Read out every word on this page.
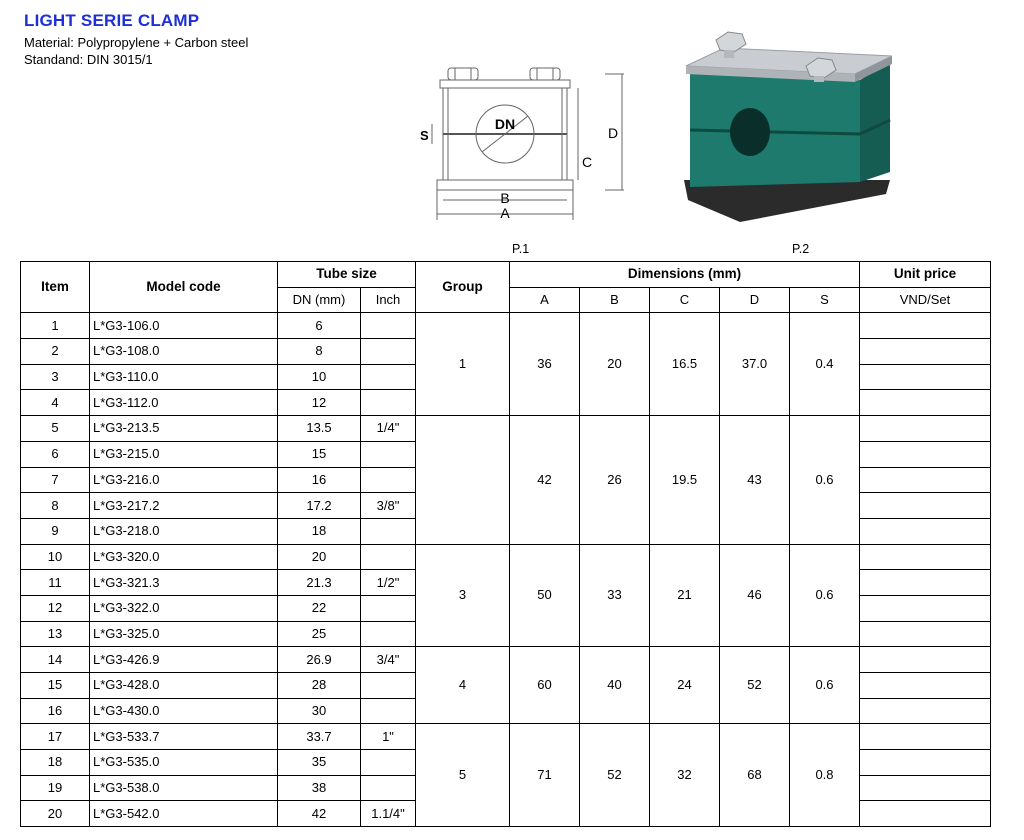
LIGHT SERIE CLAMP
Material: Polypropylene + Carbon steel
Standand: DIN 3015/1
DN
S
C
D
B
A
P.1	P.2
Item	Model code	Tube size		Group	Dimensions (mm)					Unit price
		DN (mm)	Inch		A	B	C	D	S	VND/Set
1	L*G3-106.0	6		1	36	20	16.5	37.0	0.4	
2	L*G3-108.0	8								
3	L*G3-110.0	10								
4	L*G3-112.0	12								
5	L*G3-213.5	13.5	1/4"		42	26	19.5	43	0.6	
6	L*G3-215.0	15								
7	L*G3-216.0	16								
8	L*G3-217.2	17.2	3/8"							
9	L*G3-218.0	18								
10	L*G3-320.0	20		3	50	33	21	46	0.6	
11	L*G3-321.3	21.3	1/2"							
12	L*G3-322.0	22								
13	L*G3-325.0	25								
14	L*G3-426.9	26.9	3/4"	4	60	40	24	52	0.6	
15	L*G3-428.0	28								
16	L*G3-430.0	30								
17	L*G3-533.7	33.7	1"	5	71	52	32	68	0.8	
18	L*G3-535.0	35								
19	L*G3-538.0	38								
20	L*G3-542.0	42	1.1/4"							
